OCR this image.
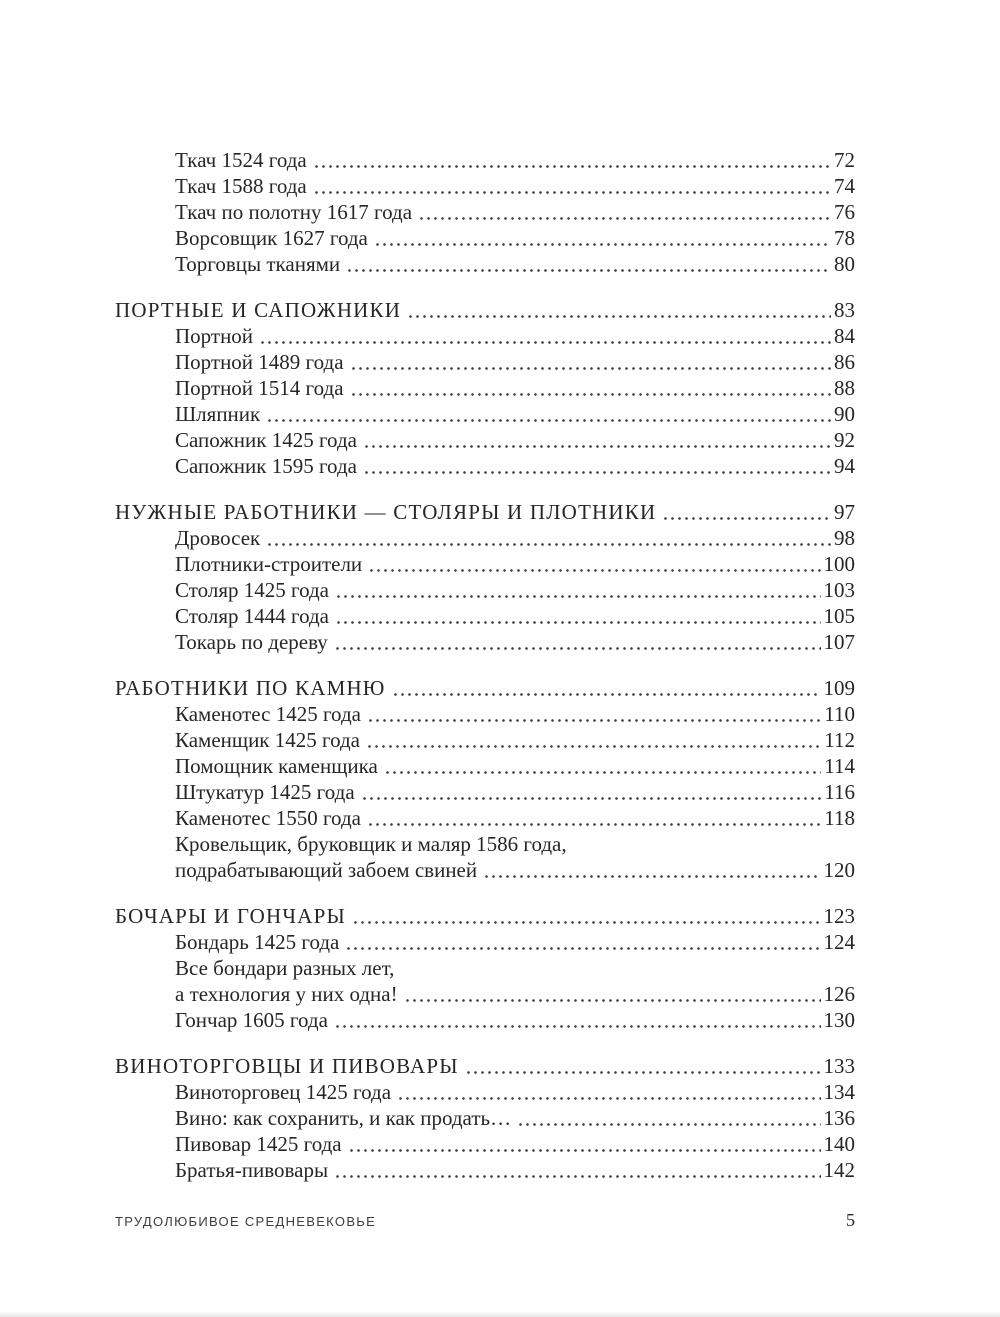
Ткач 1524 года	72
Ткач 1588 года	74
Ткач по полотну 1617 года	76
Ворсовщик 1627 года	78
Торговцы тканями	80
ПОРТНЫЕ И САПОЖНИКИ	83
Портной	84
Портной 1489 года	86
Портной 1514 года	88
Шляпник	90
Сапожник 1425 года	92
Сапожник 1595 года	94
НУЖНЫЕ РАБОТНИКИ — СТОЛЯРЫ И ПЛОТНИКИ	97
Дровосек	98
Плотники-строители	100
Столяр 1425 года	103
Столяр 1444 года	105
Токарь по дереву	107
РАБОТНИКИ ПО КАМНЮ	109
Каменотес 1425 года	110
Каменщик 1425 года	112
Помощник каменщика	114
Штукатур 1425 года	116
Каменотес 1550 года	118
Кровельщик, бруковщик и маляр 1586 года,
подрабатывающий забоем свиней	120
БОЧАРЫ И ГОНЧАРЫ	123
Бондарь 1425 года	124
Все бондари разных лет,
а технология у них одна!	126
Гончар 1605 года	130
ВИНОТОРГОВЦЫ И ПИВОВАРЫ	133
Виноторговец 1425 года	134
Вино: как сохранить, и как продать…	136
Пивовар 1425 года	140
Братья-пивовары	142
ТРУДОЛЮБИВОЕ СРЕДНЕВЕКОВЬЕ	5
